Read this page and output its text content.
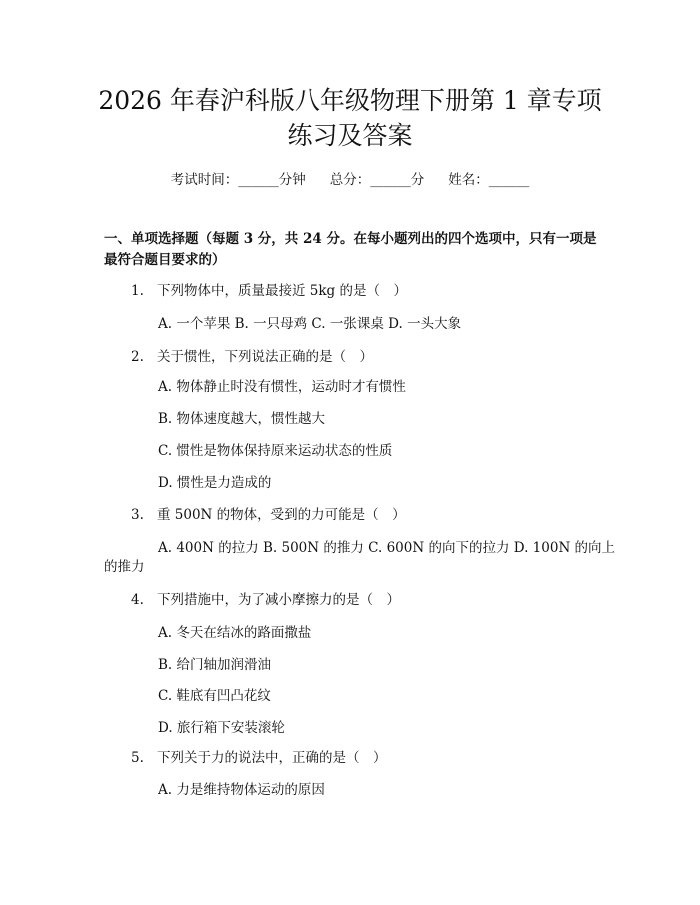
2026 年春沪科版八年级物理下册第 1 章专项
练习及答案
考试时间：______分钟 总分：______分 姓名：______

一、单项选择题（每题 3 分，共 24 分。在每小题列出的四个选项中，只有一项是

最符合题目要求的）

1. 下列物体中，质量最接近 5kg 的是（　）
A. 一个苹果 B. 一只母鸡 C. 一张课桌 D. 一头大象
2. 关于惯性，下列说法正确的是（　）
A. 物体静止时没有惯性，运动时才有惯性
B. 物体速度越大，惯性越大
C. 惯性是物体保持原来运动状态的性质
D. 惯性是力造成的
3. 重 500N 的物体，受到的力可能是（　）
A. 400N 的拉力 B. 500N 的推力 C. 600N 的向下的拉力 D. 100N 的向上
的推力
4. 下列措施中，为了减小摩擦力的是（　）
A. 冬天在结冰的路面撒盐
B. 给门轴加润滑油
C. 鞋底有凹凸花纹
D. 旅行箱下安装滚轮
5. 下列关于力的说法中，正确的是（　）
A. 力是维持物体运动的原因
